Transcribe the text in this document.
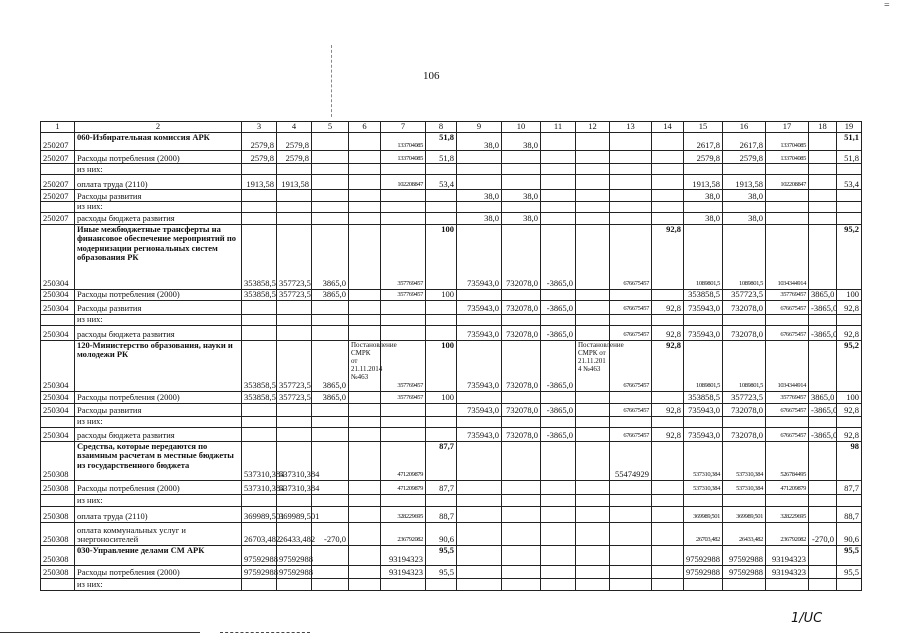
106
=
1	2	3	4	5	6	7	8	9	10	11	12	13	14	15	16	17	18	19
250207	060-Избирательная комиссия АРК	2579,8	2579,8			133704085	51,8	38,0	38,0					2617,8	2617,8	133704085		51,1
250207	Расходы потребления (2000)	2579,8	2579,8			133704085	51,8							2579,8	2579,8	133704085		51,8
	из них:																	
250207	оплата труда (2110)	1913,58	1913,58			102208847	53,4							1913,58	1913,58	102208847		53,4
250207	Расходы развития							38,0	38,0					38,0	38,0			
	из них:																	
250207	расходы бюджета развития							38,0	38,0					38,0	38,0			
250304	Иные межбюджетные трансферты на финансовое обеспечение мероприятий по модернизации региональных систем образования РК	353858,5	357723,5	3865,0		357769457	100	735943,0	732078,0	-3865,0		676675457	92,8	1089801,5	1089801,5	1034344914		95,2
250304	Расходы потребления (2000)	353858,5	357723,5	3865,0		357769457	100							353858,5	357723,5	357769457	3865,0	100
250304	Расходы развития							735943,0	732078,0	-3865,0		676675457	92,8	735943,0	732078,0	676675457	-3865,0	92,8
	из них:																	
250304	расходы бюджета развития							735943,0	732078,0	-3865,0		676675457	92,8	735943,0	732078,0	676675457	-3865,0	92,8
250304	120-Министерство образования, науки и молодежи РК	353858,5	357723,5	3865,0	Постановление СМРК от 21.11.2014 №463	357769457	100	735943,0	732078,0	-3865,0	Постановление СМРК от 21.11.201 4 №463	676675457	92,8	1089801,5	1089801,5	1034344914		95,2
250304	Расходы потребления (2000)	353858,5	357723,5	3865,0		357769457	100							353858,5	357723,5	357769457	3865,0	100
250304	Расходы развития							735943,0	732078,0	-3865,0		676675457	92,8	735943,0	732078,0	676675457	-3865,0	92,8
	из них:																	
250304	расходы бюджета развития							735943,0	732078,0	-3865,0		676675457	92,8	735943,0	732078,0	676675457	-3865,0	92,8
250308	Средства, которые передаются по взаимным расчетам в местные бюджеты из государственного бюджета	537310,384	537310,384			471209879	87,7					55474929		537310,384	537310,384	526784495		98
250308	Расходы потребления (2000)	537310,384	537310,384			471209879	87,7							537310,384	537310,384	471209879		87,7
	из них:																	
250308	оплата труда (2110)	369989,501	369989,501			328229695	88,7							369989,501	369989,501	328229695		88,7
250308	оплата коммунальных услуг и энергоносителей	26703,482	26433,482	-270,0		236792082	90,6							26703,482	26433,482	236792082	-270,0	90,6
250308	030-Управление делами СМ АРК	97592988	97592988			93194323	95,5							97592988	97592988	93194323		95,5
250308	Расходы потребления (2000)	97592988	97592988			93194323	95,5							97592988	97592988	93194323		95,5
	из них:																	
1/UC
